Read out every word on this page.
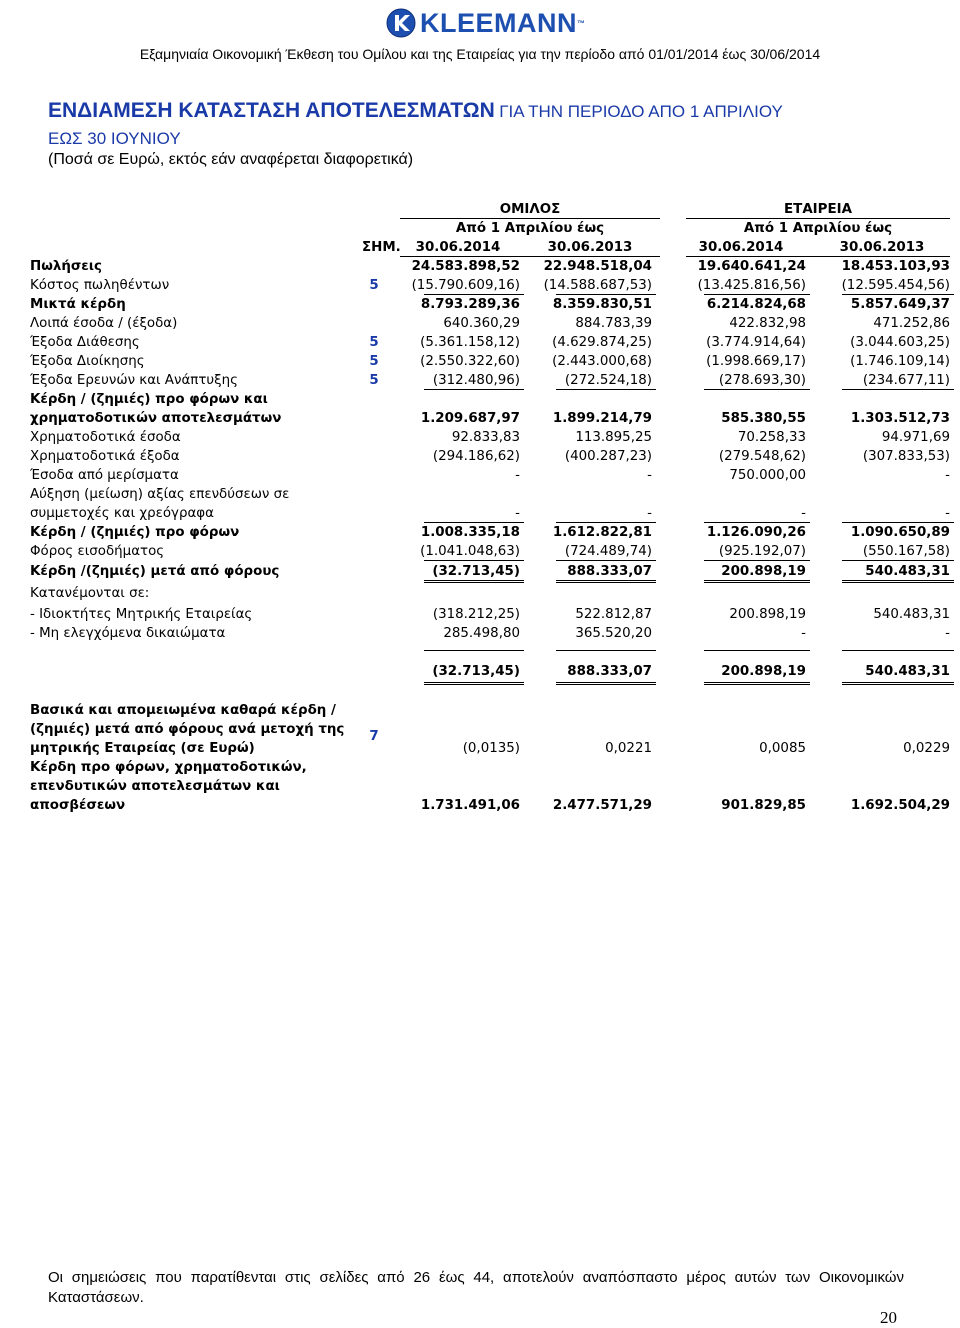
KLEEMANN ™
Εξαμηνιαία Οικονομική Έκθεση του Ομίλου και της Εταιρείας για την περίοδο από 01/01/2014 έως 30/06/2014
ΕΝΔΙΑΜΕΣΗ ΚΑΤΑΣΤΑΣΗ ΑΠΟΤΕΛΕΣΜΑΤΩΝ ΓΙΑ ΤΗΝ ΠΕΡΙΟΔΟ ΑΠΟ 1 ΑΠΡΙΛΙΟΥ
ΕΩΣ 30 ΙΟΥΝΙΟΥ
(Ποσά σε Ευρώ, εκτός εάν αναφέρεται διαφορετικά)
ΟΜΙΛΟΣ	ΕΤΑΙΡΕΙΑ
Από 1 Απριλίου έως	Από 1 Απριλίου έως
ΣΗΜ.	30.06.2014	30.06.2013	30.06.2014	30.06.2013
Πωλήσεις	24.583.898,52	22.948.518,04	19.640.641,24	18.453.103,93
Κόστος πωληθέντων	5	(15.790.609,16)	(14.588.687,53)	(13.425.816,56)	(12.595.454,56)
Μικτά κέρδη	8.793.289,36	8.359.830,51	6.214.824,68	5.857.649,37
Λοιπά έσοδα / (έξοδα)	640.360,29	884.783,39	422.832,98	471.252,86
Έξοδα Διάθεσης	5	(5.361.158,12)	(4.629.874,25)	(3.774.914,64)	(3.044.603,25)
Έξοδα Διοίκησης	5	(2.550.322,60)	(2.443.000,68)	(1.998.669,17)	(1.746.109,14)
Έξοδα Ερευνών και Ανάπτυξης	5	(312.480,96)	(272.524,18)	(278.693,30)	(234.677,11)
Κέρδη / (ζημιές) προ φόρων και
χρηματοδοτικών αποτελεσμάτων	1.209.687,97	1.899.214,79	585.380,55	1.303.512,73
Χρηματοδοτικά έσοδα	92.833,83	113.895,25	70.258,33	94.971,69
Χρηματοδοτικά έξοδα	(294.186,62)	(400.287,23)	(279.548,62)	(307.833,53)
Έσοδα από μερίσματα	-	-	750.000,00	-
Αύξηση (μείωση) αξίας επενδύσεων σε
συμμετοχές και χρεόγραφα	-	-	-	-
Κέρδη / (ζημιές) προ φόρων	1.008.335,18	1.612.822,81	1.126.090,26	1.090.650,89
Φόρος εισοδήματος	(1.041.048,63)	(724.489,74)	(925.192,07)	(550.167,58)
Κέρδη /(ζημιές) μετά από φόρους	(32.713,45)	888.333,07	200.898,19	540.483,31
Κατανέμονται σε:
- Ιδιοκτήτες Μητρικής Εταιρείας	(318.212,25)	522.812,87	200.898,19	540.483,31
- Μη ελεγχόμενα δικαιώματα	285.498,80	365.520,20	-	-
(32.713,45)	888.333,07	200.898,19	540.483,31
Βασικά και απομειωμένα καθαρά κέρδη /
(ζημιές) μετά από φόρους ανά μετοχή της
μητρικής Εταιρείας (σε Ευρώ)
7
(0,0135)	0,0221	0,0085	0,0229
Κέρδη προ φόρων, χρηματοδοτικών,
επενδυτικών αποτελεσμάτων και
αποσβέσεων	1.731.491,06	2.477.571,29	901.829,85	1.692.504,29
Οι σημειώσεις που παρατίθενται στις σελίδες από 26 έως 44, αποτελούν αναπόσπαστο μέρος αυτών των Οικονομικών Καταστάσεων.
20
